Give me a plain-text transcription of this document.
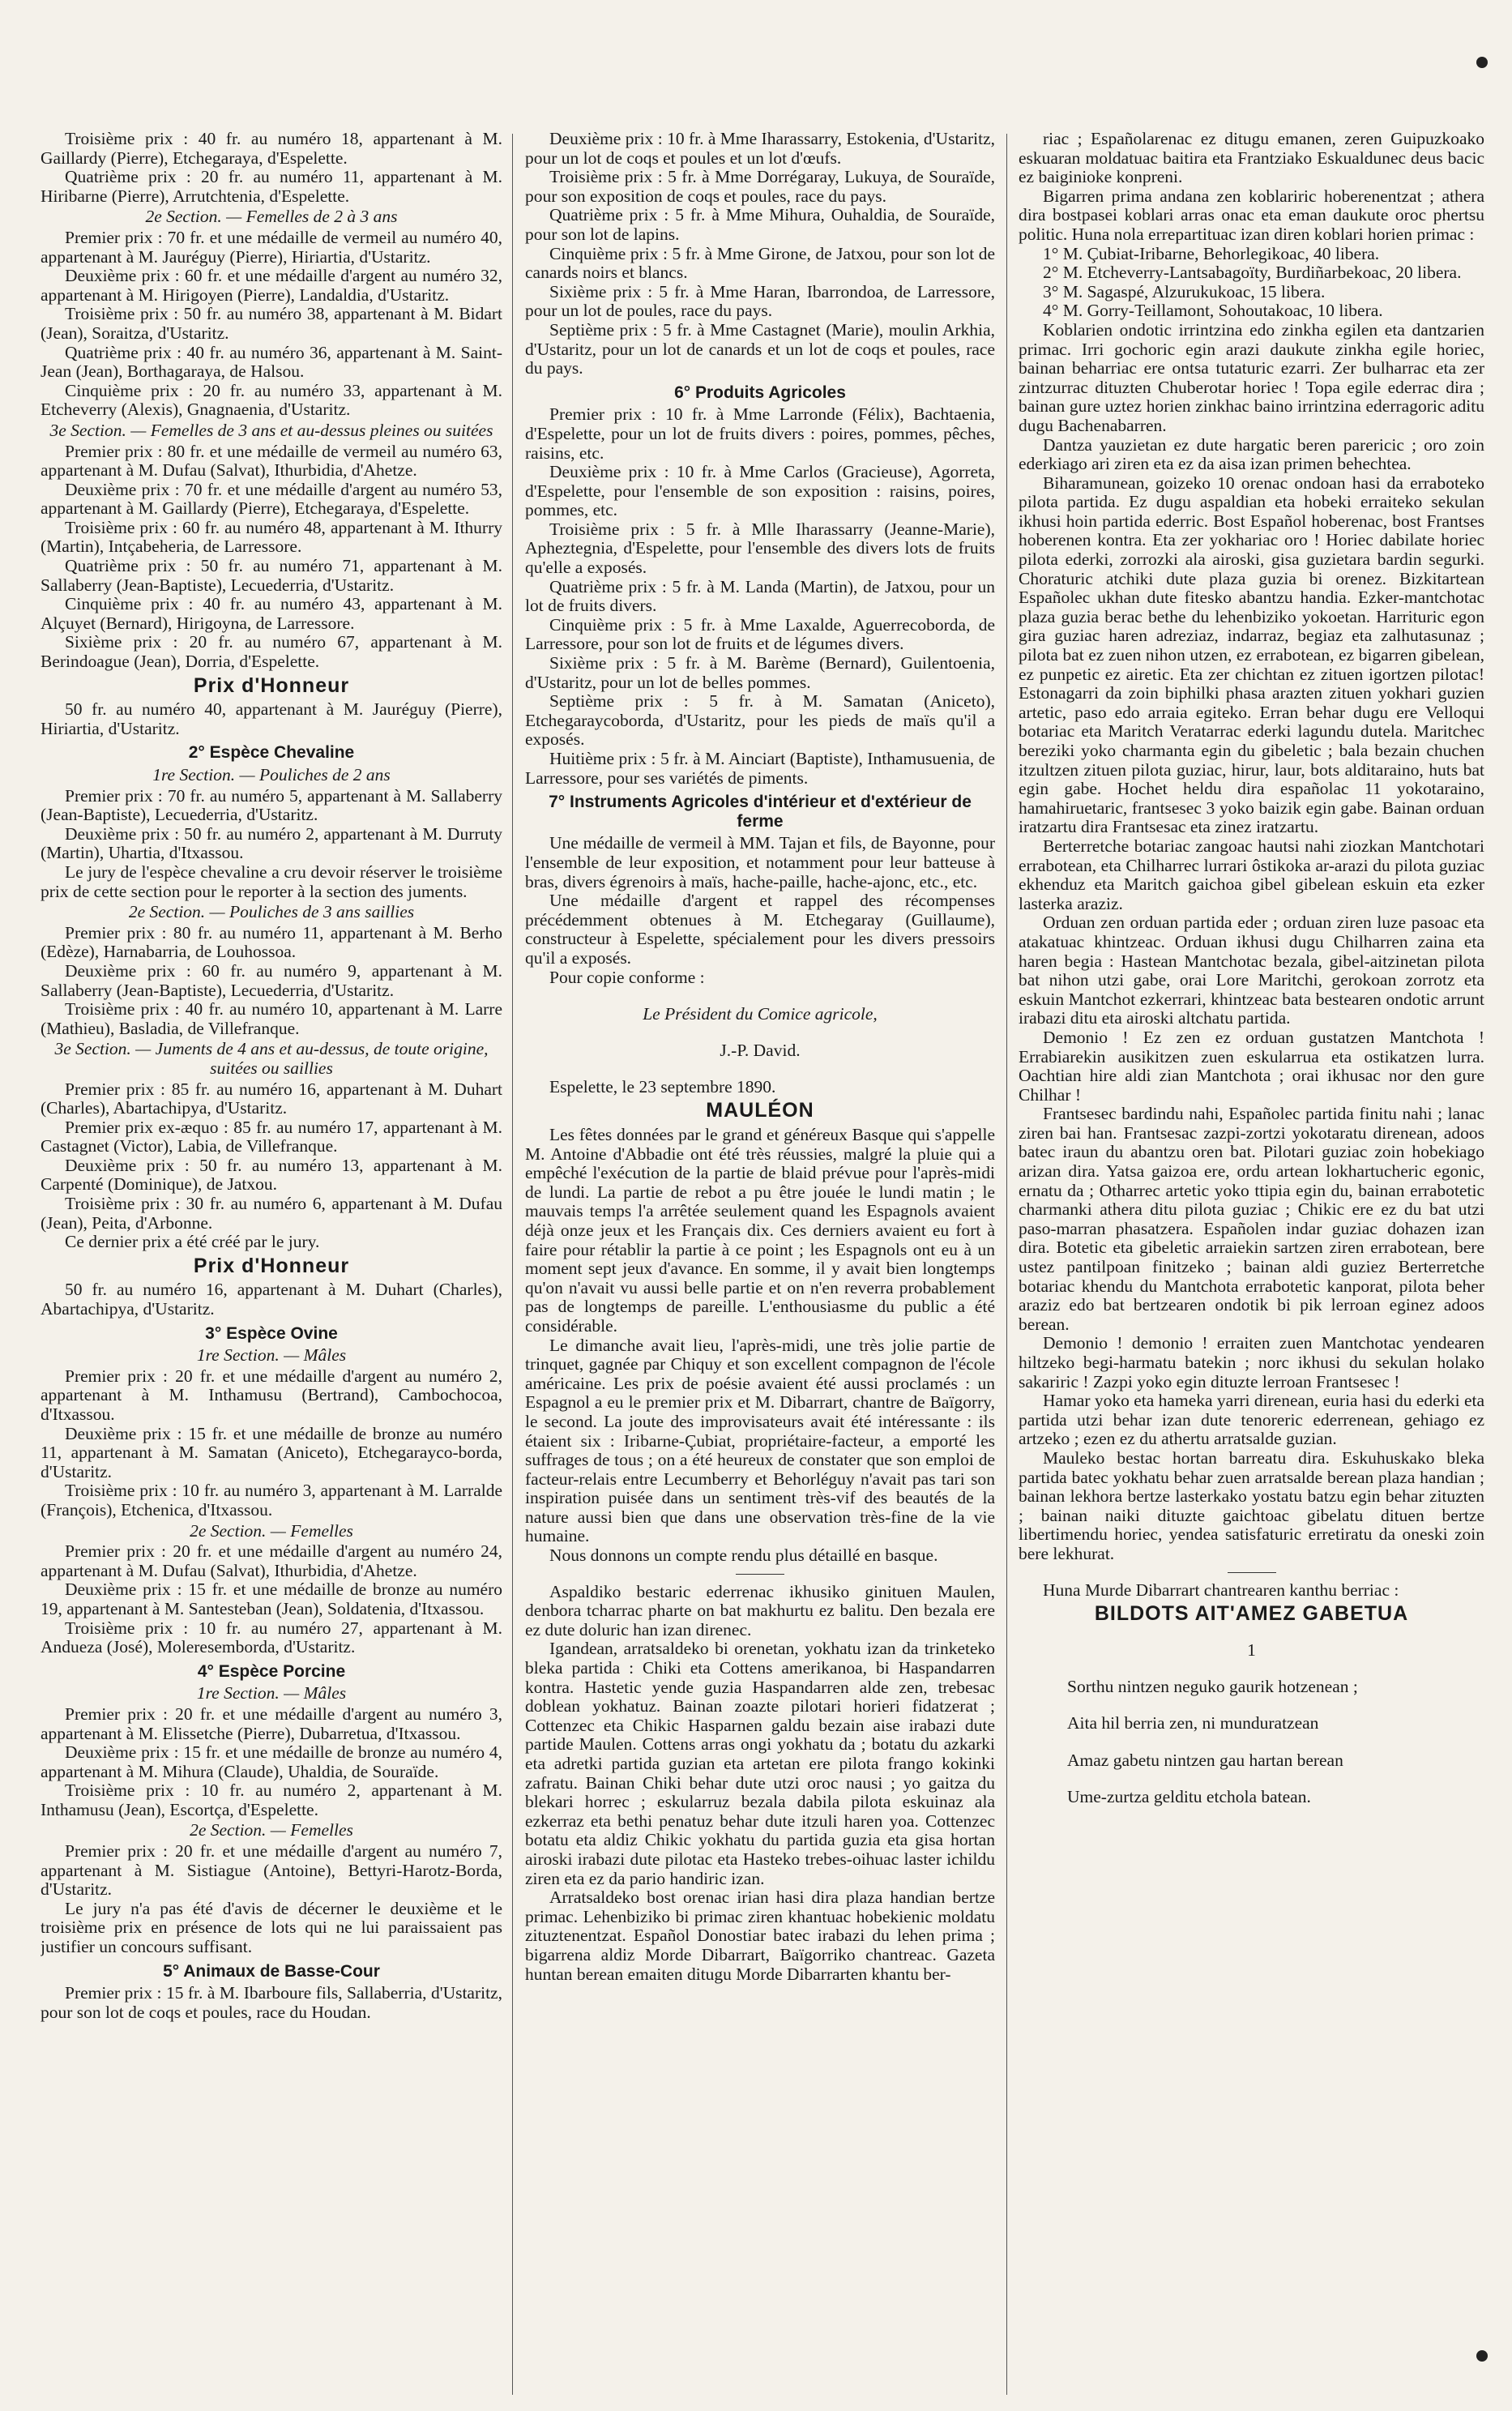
Troisième prix : 40 fr. au numéro 18, appartenant à M. Gaillardy (Pierre), Etchegaraya, d'Espelette.

Quatrième prix : 20 fr. au numéro 11, appartenant à M. Hiribarne (Pierre), Arrutchtenia, d'Espelette.

2e Section. — Femelles de 2 à 3 ans

Premier prix : 70 fr. et une médaille de vermeil au numéro 40, appartenant à M. Jauréguy (Pierre), Hiriartia, d'Ustaritz.

Deuxième prix : 60 fr. et une médaille d'argent au numéro 32, appartenant à M. Hirigoyen (Pierre), Landaldia, d'Ustaritz.

Troisième prix : 50 fr. au numéro 38, appartenant à M. Bidart (Jean), Soraitza, d'Ustaritz.

Quatrième prix : 40 fr. au numéro 36, appartenant à M. Saint-Jean (Jean), Borthagaraya, de Halsou.

Cinquième prix : 20 fr. au numéro 33, appartenant à M. Etcheverry (Alexis), Gnagnaenia, d'Ustaritz.

3e Section. — Femelles de 3 ans et au-dessus pleines ou suitées

Premier prix : 80 fr. et une médaille de vermeil au numéro 63, appartenant à M. Dufau (Salvat), Ithurbidia, d'Ahetze.

Deuxième prix : 70 fr. et une médaille d'argent au numéro 53, appartenant à M. Gaillardy (Pierre), Etchegaraya, d'Espelette.

Troisième prix : 60 fr. au numéro 48, appartenant à M. Ithurry (Martin), Intçabeheria, de Larressore.

Quatrième prix : 50 fr. au numéro 71, appartenant à M. Sallaberry (Jean-Baptiste), Lecuederria, d'Ustaritz.

Cinquième prix : 40 fr. au numéro 43, appartenant à M. Alçuyet (Bernard), Hirigoyna, de Larressore.

Sixième prix : 20 fr. au numéro 67, appartenant à M. Berindoague (Jean), Dorria, d'Espelette.

Prix d'Honneur

50 fr. au numéro 40, appartenant à M. Jauréguy (Pierre), Hiriartia, d'Ustaritz.

2° Espèce Chevaline

1re Section. — Pouliches de 2 ans

Premier prix : 70 fr. au numéro 5, appartenant à M. Sallaberry (Jean-Baptiste), Lecuederria, d'Ustaritz.

Deuxième prix : 50 fr. au numéro 2, appartenant à M. Durruty (Martin), Uhartia, d'Itxassou.

Le jury de l'espèce chevaline a cru devoir réserver le troisième prix de cette section pour le reporter à la section des juments.

2e Section. — Pouliches de 3 ans saillies

Premier prix : 80 fr. au numéro 11, appartenant à M. Berho (Edèze), Harnabarria, de Louhossoa.

Deuxième prix : 60 fr. au numéro 9, appartenant à M. Sallaberry (Jean-Baptiste), Lecuederria, d'Ustaritz.

Troisième prix : 40 fr. au numéro 10, appartenant à M. Larre (Mathieu), Basladia, de Villefranque.

3e Section. — Juments de 4 ans et au-dessus, de toute origine, suitées ou saillies

Premier prix : 85 fr. au numéro 16, appartenant à M. Duhart (Charles), Abartachipya, d'Ustaritz.

Premier prix ex-æquo : 85 fr. au numéro 17, appartenant à M. Castagnet (Victor), Labia, de Villefranque.

Deuxième prix : 50 fr. au numéro 13, appartenant à M. Carpenté (Dominique), de Jatxou.

Troisième prix : 30 fr. au numéro 6, appartenant à M. Dufau (Jean), Peita, d'Arbonne.

Ce dernier prix a été créé par le jury.

Prix d'Honneur

50 fr. au numéro 16, appartenant à M. Duhart (Charles), Abartachipya, d'Ustaritz.

3° Espèce Ovine

1re Section. — Mâles

Premier prix : 20 fr. et une médaille d'argent au numéro 2, appartenant à M. Inthamusu (Bertrand), Cambochocoa, d'Itxassou.

Deuxième prix : 15 fr. et une médaille de bronze au numéro 11, appartenant à M. Samatan (Aniceto), Etchegarayco-borda, d'Ustaritz.

Troisième prix : 10 fr. au numéro 3, appartenant à M. Larralde (François), Etchenica, d'Itxassou.

2e Section. — Femelles

Premier prix : 20 fr. et une médaille d'argent au numéro 24, appartenant à M. Dufau (Salvat), Ithurbidia, d'Ahetze.

Deuxième prix : 15 fr. et une médaille de bronze au numéro 19, appartenant à M. Santesteban (Jean), Soldatenia, d'Itxassou.

Troisième prix : 10 fr. au numéro 27, appartenant à M. Andueza (José), Moleresemborda, d'Ustaritz.

4° Espèce Porcine

1re Section. — Mâles

Premier prix : 20 fr. et une médaille d'argent au numéro 3, appartenant à M. Elissetche (Pierre), Dubarretua, d'Itxassou.

Deuxième prix : 15 fr. et une médaille de bronze au numéro 4, appartenant à M. Mihura (Claude), Uhaldia, de Souraïde.

Troisième prix : 10 fr. au numéro 2, appartenant à M. Inthamusu (Jean), Escortça, d'Espelette.

2e Section. — Femelles

Premier prix : 20 fr. et une médaille d'argent au numéro 7, appartenant à M. Sistiague (Antoine), Bettyri-Harotz-Borda, d'Ustaritz.

Le jury n'a pas été d'avis de décerner le deuxième et le troisième prix en présence de lots qui ne lui paraissaient pas justifier un concours suffisant.

5° Animaux de Basse-Cour

Premier prix : 15 fr. à M. Ibarboure fils, Sallaberria, d'Ustaritz, pour son lot de coqs et poules, race du Houdan.

Deuxième prix : 10 fr. à Mme Iharassarry, Estokenia, d'Ustaritz, pour un lot de coqs et poules et un lot d'œufs.

Troisième prix : 5 fr. à Mme Dorrégaray, Lukuya, de Souraïde, pour son exposition de coqs et poules, race du pays.

Quatrième prix : 5 fr. à Mme Mihura, Ouhaldia, de Souraïde, pour son lot de lapins.

Cinquième prix : 5 fr. à Mme Girone, de Jatxou, pour son lot de canards noirs et blancs.

Sixième prix : 5 fr. à Mme Haran, Ibarrondoa, de Larressore, pour un lot de poules, race du pays.

Septième prix : 5 fr. à Mme Castagnet (Marie), moulin Arkhia, d'Ustaritz, pour un lot de canards et un lot de coqs et poules, race du pays.

6° Produits Agricoles

Premier prix : 10 fr. à Mme Larronde (Félix), Bachtaenia, d'Espelette, pour un lot de fruits divers : poires, pommes, pêches, raisins, etc.

Deuxième prix : 10 fr. à Mme Carlos (Gracieuse), Agorreta, d'Espelette, pour l'ensemble de son exposition : raisins, poires, pommes, etc.

Troisième prix : 5 fr. à Mlle Iharassarry (Jeanne-Marie), Apheztegnia, d'Espelette, pour l'ensemble des divers lots de fruits qu'elle a exposés.

Quatrième prix : 5 fr. à M. Landa (Martin), de Jatxou, pour un lot de fruits divers.

Cinquième prix : 5 fr. à Mme Laxalde, Aguerrecoborda, de Larressore, pour son lot de fruits et de légumes divers.

Sixième prix : 5 fr. à M. Barème (Bernard), Guilentoenia, d'Ustaritz, pour un lot de belles pommes.

Septième prix : 5 fr. à M. Samatan (Aniceto), Etchegaraycoborda, d'Ustaritz, pour les pieds de maïs qu'il a exposés.

Huitième prix : 5 fr. à M. Ainciart (Baptiste), Inthamusuenia, de Larressore, pour ses variétés de piments.

7° Instruments Agricoles d'intérieur et d'extérieur de ferme

Une médaille de vermeil à MM. Tajan et fils, de Bayonne, pour l'ensemble de leur exposition, et notamment pour leur batteuse à bras, divers égrenoirs à maïs, hache-paille, hache-ajonc, etc., etc.

Une médaille d'argent et rappel des récompenses précédemment obtenues à M. Etchegaray (Guillaume), constructeur à Espelette, spécialement pour les divers pressoirs qu'il a exposés.

Pour copie conforme :

Le Président du Comice agricole,

J.-P. David.

Espelette, le 23 septembre 1890.

MAULÉON

Les fêtes données par le grand et généreux Basque qui s'appelle M. Antoine d'Abbadie ont été très réussies, malgré la pluie qui a empêché l'exécution de la partie de blaid prévue pour l'après-midi de lundi. La partie de rebot a pu être jouée le lundi matin ; le mauvais temps l'a arrêtée seulement quand les Espagnols avaient déjà onze jeux et les Français dix. Ces derniers avaient eu fort à faire pour rétablir la partie à ce point ; les Espagnols ont eu à un moment sept jeux d'avance. En somme, il y avait bien longtemps qu'on n'avait vu aussi belle partie et on n'en reverra probablement pas de longtemps de pareille. L'enthousiasme du public a été considérable.

Le dimanche avait lieu, l'après-midi, une très jolie partie de trinquet, gagnée par Chiquy et son excellent compagnon de l'école américaine. Les prix de poésie avaient été aussi proclamés : un Espagnol a eu le premier prix et M. Dibarrart, chantre de Baïgorry, le second. La joute des improvisateurs avait été intéressante : ils étaient six : Iribarne-Çubiat, propriétaire-facteur, a emporté les suffrages de tous ; on a été heureux de constater que son emploi de facteur-relais entre Lecumberry et Behorléguy n'avait pas tari son inspiration puisée dans un sentiment très-vif des beautés de la nature aussi bien que dans une observation très-fine de la vie humaine.

Nous donnons un compte rendu plus détaillé en basque.

Aspaldiko bestaric ederrenac ikhusiko ginituen Maulen, denbora tcharrac pharte on bat makhurtu ez balitu. Den bezala ere ez dute doluric han izan direnec.

Igandean, arratsaldeko bi orenetan, yokhatu izan da trinketeko bleka partida : Chiki eta Cottens amerikanoa, bi Haspandarren kontra. Hastetic yende guzia Haspandarren alde zen, trebesac doblean yokhatuz. Bainan zoazte pilotari horieri fidatzerat ; Cottenzec eta Chikic Hasparnen galdu bezain aise irabazi dute partide Maulen. Cottens arras ongi yokhatu da ; botatu du azkarki eta adretki partida guzian eta artetan ere pilota frango kokinki zafratu. Bainan Chiki behar dute utzi oroc nausi ; yo gaitza du blekari horrec ; eskularruz bezala dabila pilota eskuinaz ala ezkerraz eta bethi penatuz behar dute itzuli haren yoa. Cottenzec botatu eta aldiz Chikic yokhatu du partida guzia eta gisa hortan airoski irabazi dute pilotac eta Hasteko trebes-oihuac laster ichildu ziren eta ez da pario handiric izan.

Arratsaldeko bost orenac irian hasi dira plaza handian bertze primac. Lehenbiziko bi primac ziren khantuac hobekienic moldatu zituztenentzat. Español Donostiar batec irabazi du lehen prima ; bigarrena aldiz Morde Dibarrart, Baïgorriko chantreac. Gazeta huntan berean emaiten ditugu Morde Dibarrarten khantu ber-

riac ; Españolarenac ez ditugu emanen, zeren Guipuzkoako eskuaran moldatuac baitira eta Frantziako Eskualdunec deus bacic ez baiginioke konpreni.

Bigarren prima andana zen koblariric hoberenentzat ; athera dira bostpasei koblari arras onac eta eman daukute oroc phertsu politic. Huna nola errepartituac izan diren koblari horien primac :

1° M. Çubiat-Iribarne, Behorlegikoac, 40 libera.

2° M. Etcheverry-Lantsabagoïty, Burdiñarbekoac, 20 libera.

3° M. Sagaspé, Alzurukukoac, 15 libera.

4° M. Gorry-Teillamont, Sohoutakoac, 10 libera.

Koblarien ondotic irrintzina edo zinkha egilen eta dantzarien primac. Irri gochoric egin arazi daukute zinkha egile horiec, bainan beharriac ere ontsa tutaturic ezarri. Zer bulharrac eta zer zintzurrac dituzten Chuberotar horiec ! Topa egile ederrac dira ; bainan gure uztez horien zinkhac baino irrintzina ederragoric aditu dugu Bachenabarren.

Dantza yauzietan ez dute hargatic beren parericic ; oro zoin ederkiago ari ziren eta ez da aisa izan primen behechtea.

Biharamunean, goizeko 10 orenac ondoan hasi da erraboteko pilota partida. Ez dugu aspaldian eta hobeki erraiteko sekulan ikhusi hoin partida ederric. Bost Español hoberenac, bost Frantses hoberenen kontra. Eta zer yokhariac oro ! Horiec dabilate horiec pilota ederki, zorrozki ala airoski, gisa guzietara bardin segurki. Choraturic atchiki dute plaza guzia bi orenez. Bizkitartean Españolec ukhan dute fitesko abantzu handia. Ezker-mantchotac plaza guzia berac bethe du lehenbiziko yokoetan. Harrituric egon gira guziac haren adreziaz, indarraz, begiaz eta zalhutasunaz ; pilota bat ez zuen nihon utzen, ez errabotean, ez bigarren gibelean, ez punpetic ez airetic. Eta zer chichtan ez zituen igortzen pilotac! Estonagarri da zoin biphilki phasa arazten zituen yokhari guzien artetic, paso edo arraia egiteko. Erran behar dugu ere Velloqui botariac eta Maritch Veratarrac ederki lagundu dutela. Maritchec bereziki yoko charmanta egin du gibeletic ; bala bezain chuchen itzultzen zituen pilota guziac, hirur, laur, bots alditaraino, huts bat egin gabe. Hochet heldu dira españolac 11 yokotaraino, hamahiruetaric, frantsesec 3 yoko baizik egin gabe. Bainan orduan iratzartu dira Frantsesac eta zinez iratzartu.

Berterretche botariac zangoac hautsi nahi ziozkan Mantchotari errabotean, eta Chilharrec lurrari ôstikoka ar-arazi du pilota guziac ekhenduz eta Maritch gaichoa gibel gibelean eskuin eta ezker lasterka araziz.

Orduan zen orduan partida eder ; orduan ziren luze pasoac eta atakatuac khintzeac. Orduan ikhusi dugu Chilharren zaina eta haren begia : Hastean Mantchotac bezala, gibel-aitzinetan pilota bat nihon utzi gabe, orai Lore Maritchi, gerokoan zorrotz eta eskuin Mantchot ezkerrari, khintzeac bata bestearen ondotic arrunt irabazi ditu eta airoski altchatu partida.

Demonio ! Ez zen ez orduan gustatzen Mantchota ! Errabiarekin ausikitzen zuen eskularrua eta ostikatzen lurra. Oachtian hire aldi zian Mantchota ; orai ikhusac nor den gure Chilhar !

Frantsesec bardindu nahi, Españolec partida finitu nahi ; lanac ziren bai han. Frantsesac zazpi-zortzi yokotaratu direnean, adoos batec iraun du abantzu oren bat. Pilotari guziac zoin hobekiago arizan dira. Yatsa gaizoa ere, ordu artean lokhartucheric egonic, ernatu da ; Otharrec artetic yoko ttipia egin du, bainan errabotetic charmanki athera ditu pilota guziac ; Chikic ere ez du bat utzi paso-marran phasatzera. Españolen indar guziac dohazen izan dira. Botetic eta gibeletic arraiekin sartzen ziren errabotean, bere ustez pantilpoan finitzeko ; bainan aldi guziez Berterretche botariac khendu du Mantchota errabotetic kanporat, pilota beher araziz edo bat bertzearen ondotik bi pik lerroan eginez adoos berean.

Demonio ! demonio ! erraiten zuen Mantchotac yendearen hiltzeko begi-harmatu batekin ; norc ikhusi du sekulan holako sakariric ! Zazpi yoko egin dituzte lerroan Frantsesec !

Hamar yoko eta hameka yarri direnean, euria hasi du ederki eta partida utzi behar izan dute tenoreric ederrenean, gehiago ez artzeko ; ezen ez du athertu arratsalde guzian.

Mauleko bestac hortan barreatu dira. Eskuhuskako bleka partida batec yokhatu behar zuen arratsalde berean plaza handian ; bainan lekhora bertze lasterkako yostatu batzu egin behar zituzten ; bainan naiki dituzte gaichtoac gibelatu dituen bertze libertimendu horiec, yendea satisfaturic erretiratu da oneski zoin bere lekhurat.

Huna Murde Dibarrart chantrearen kanthu berriac :

BILDOTS AIT'AMEZ GABETUA

1

Sorthu nintzen neguko gaurik hotzenean ;

Aita hil berria zen, ni munduratzean

Amaz gabetu nintzen gau hartan berean

Ume-zurtza gelditu etchola batean.
